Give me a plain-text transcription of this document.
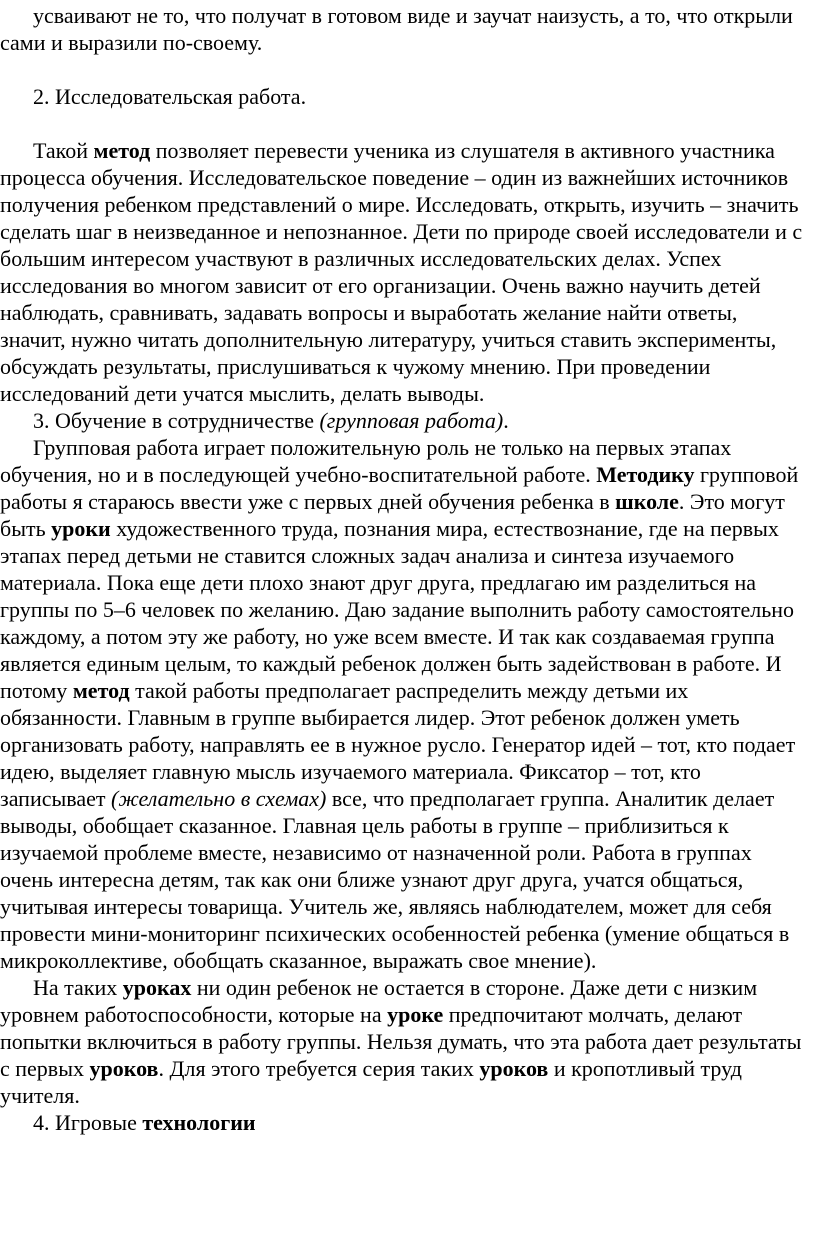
усваивают не то, что получат в готовом виде и заучат наизусть, а то, что открыли сами и выразили по-своему.

2. Исследовательская работа.

Такой метод позволяет перевести ученика из слушателя в активного участника процесса обучения. Исследовательское поведение – один из важнейших источников получения ребенком представлений о мире. Исследовать, открыть, изучить – значить сделать шаг в неизведанное и непознанное. Дети по природе своей исследователи и с большим интересом участвуют в различных исследовательских делах. Успех исследования во многом зависит от его организации. Очень важно научить детей наблюдать, сравнивать, задавать вопросы и выработать желание найти ответы, значит, нужно читать дополнительную литературу, учиться ставить эксперименты, обсуждать результаты, прислушиваться к чужому мнению. При проведении исследований дети учатся мыслить, делать выводы.

3. Обучение в сотрудничестве (групповая работа).

Групповая работа играет положительную роль не только на первых этапах обучения, но и в последующей учебно-воспитательной работе. Методику групповой работы я стараюсь ввести уже с первых дней обучения ребенка в школе. Это могут быть уроки художественного труда, познания мира, естествознание, где на первых этапах перед детьми не ставится сложных задач анализа и синтеза изучаемого материала. Пока еще дети плохо знают друг друга, предлагаю им разделиться на группы по 5–6 человек по желанию. Даю задание выполнить работу самостоятельно каждому, а потом эту же работу, но уже всем вместе. И так как создаваемая группа является единым целым, то каждый ребенок должен быть задействован в работе. И потому метод такой работы предполагает распределить между детьми их обязанности. Главным в группе выбирается лидер. Этот ребенок должен уметь организовать работу, направлять ее в нужное русло. Генератор идей – тот, кто подает идею, выделяет главную мысль изучаемого материала. Фиксатор – тот, кто записывает (желательно в схемах) все, что предполагает группа. Аналитик делает выводы, обобщает сказанное. Главная цель работы в группе – приблизиться к изучаемой проблеме вместе, независимо от назначенной роли. Работа в группах очень интересна детям, так как они ближе узнают друг друга, учатся общаться, учитывая интересы товарища. Учитель же, являясь наблюдателем, может для себя провести мини-мониторинг психических особенностей ребенка (умение общаться в микроколлективе, обобщать сказанное, выражать свое мнение).

На таких уроках ни один ребенок не остается в стороне. Даже дети с низким уровнем работоспособности, которые на уроке предпочитают молчать, делают попытки включиться в работу группы. Нельзя думать, что эта работа дает результаты с первых уроков. Для этого требуется серия таких уроков и кропотливый труд учителя.

4. Игровые технологии
